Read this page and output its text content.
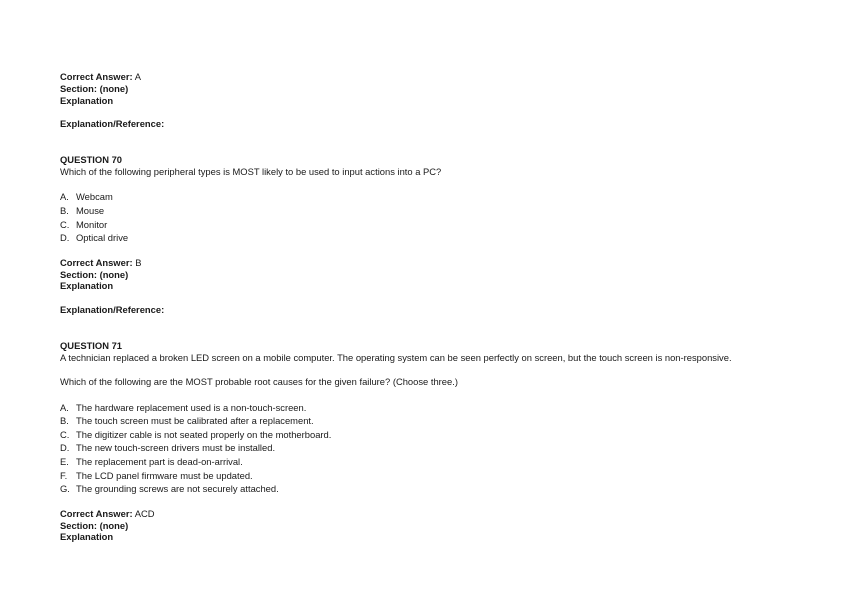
Correct Answer: A
Section: (none)
Explanation
Explanation/Reference:
QUESTION 70
Which of the following peripheral types is MOST likely to be used to input actions into a PC?
A. Webcam
B. Mouse
C. Monitor
D. Optical drive
Correct Answer: B
Section: (none)
Explanation
Explanation/Reference:
QUESTION 71
A technician replaced a broken LED screen on a mobile computer. The operating system can be seen perfectly on screen, but the touch screen is non-responsive.
Which of the following are the MOST probable root causes for the given failure? (Choose three.)
A. The hardware replacement used is a non-touch-screen.
B. The touch screen must be calibrated after a replacement.
C. The digitizer cable is not seated properly on the motherboard.
D. The new touch-screen drivers must be installed.
E. The replacement part is dead-on-arrival.
F. The LCD panel firmware must be updated.
G. The grounding screws are not securely attached.
Correct Answer: ACD
Section: (none)
Explanation
